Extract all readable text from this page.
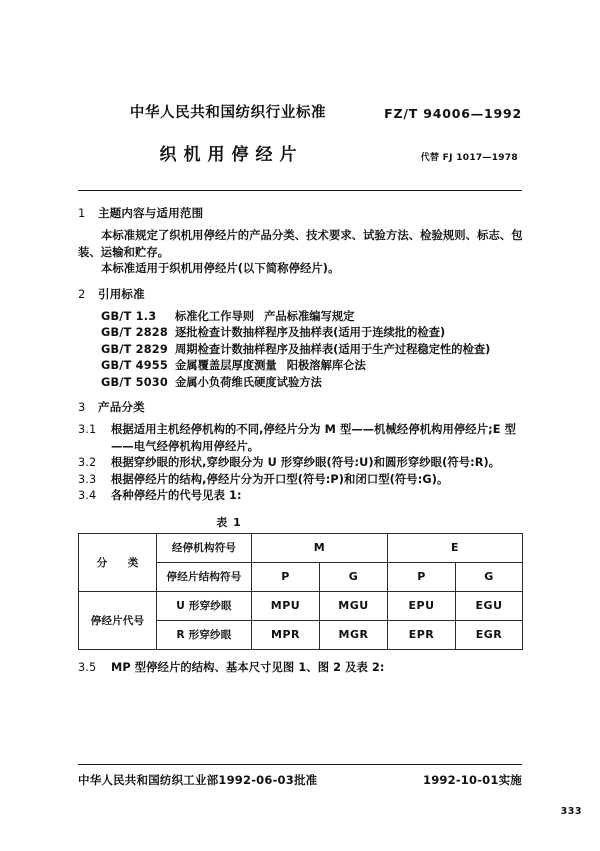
中华人民共和国纺织行业标准	FZ/T 94006—1992
织机用停经片	代替 FJ 1017—1978
1 主题内容与适用范围

本标准规定了织机用停经片的产品分类、技术要求、试验方法、检验规则、标志、包装、运输和贮存。

本标准适用于织机用停经片(以下简称停经片)。

2 引用标准
GB/T 1.3 标准化工作导则 产品标准编写规定
GB/T 2828 逐批检查计数抽样程序及抽样表(适用于连续批的检查)
GB/T 2829 周期检查计数抽样程序及抽样表(适用于生产过程稳定性的检查)
GB/T 4955 金属覆盖层厚度测量 阳极溶解库仑法
GB/T 5030 金属小负荷维氏硬度试验方法
3 产品分类

3.1 根据适用主机经停机构的不同,停经片分为 M 型——机械经停机构用停经片;E 型——电气经停机构用停经片。

3.2 根据穿纱眼的形状,穿纱眼分为 U 形穿纱眼(符号:U)和圆形穿纱眼(符号:R)。

3.3 根据停经片的结构,停经片分为开口型(符号:P)和闭口型(符号:G)。

3.4 各种停经片的代号见表 1:

表 1
分　类	经停机构符号	M		E	
	停经片结构符号	P	G	P	G
停经片代号	U 形穿纱眼	MPU	MGU	EPU	EGU
	R 形穿纱眼	MPR	MGR	EPR	EGR

3.5 MP 型停经片的结构、基本尺寸见图 1、图 2 及表 2:

中华人民共和国纺织工业部1992-06-03批准	1992-10-01实施
333
